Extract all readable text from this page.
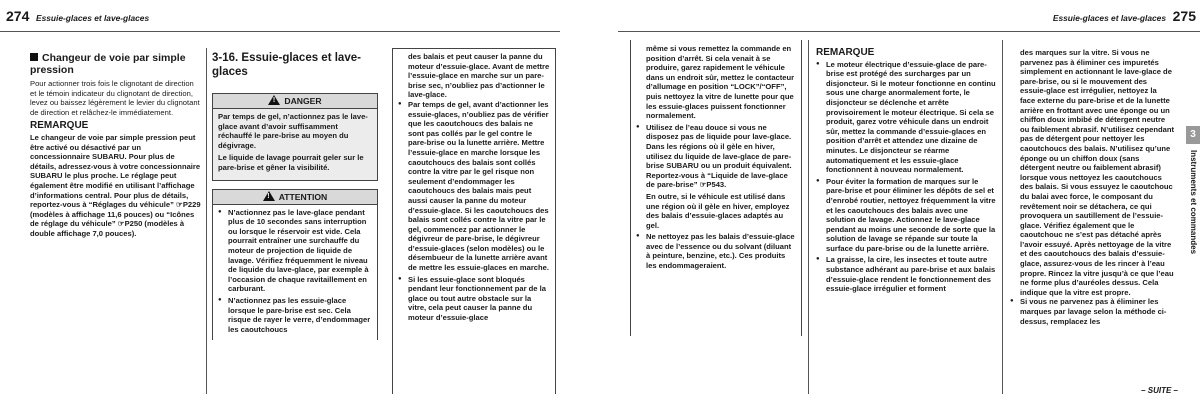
274 Essuie-glaces et lave-glaces
Changeur de voie par simple pression

Pour actionner trois fois le clignotant de direction et le témoin indicateur du clignotant de direction, levez ou baissez légèrement le levier du clignotant de direction et relâchez-le immédiatement.

REMARQUE

Le changeur de voie par simple pression peut être activé ou désactivé par un concessionnaire SUBARU. Pour plus de détails, adressez-vous à votre concessionnaire SUBARU le plus proche. Le réglage peut également être modifié en utilisant l’affichage d’informations central. Pour plus de détails, reportez-vous à “Réglages du véhicule” ☞P229 (modèles à affichage 11,6 pouces) ou “Icônes de réglage du véhicule” ☞P250 (modèles à double affichage 7,0 pouces).

3-16. Essuie-glaces et lave-glaces
!DANGER

Par temps de gel, n’actionnez pas le lave-glace avant d’avoir suffisamment réchauffé le pare-brise au moyen du dégivrage.

Le liquide de lavage pourrait geler sur le pare-brise et gêner la visibilité.

!ATTENTION
● N’actionnez pas le lave-glace pendant plus de 10 secondes sans interruption ou lorsque le réservoir est vide. Cela pourrait entraîner une surchauffe du moteur de projection de liquide de lavage. Vérifiez fréquemment le niveau de liquide du lave-glace, par exemple à l’occasion de chaque ravitaillement en carburant.
● N’actionnez pas les essuie-glace lorsque le pare-brise est sec. Cela risque de rayer le verre, d’endommager les caoutchoucs

des balais et peut causer la panne du moteur d’essuie-glace. Avant de mettre l’essuie-glace en marche sur un pare-brise sec, n’oubliez pas d’actionner le lave-glace.

● Par temps de gel, avant d’actionner les essuie-glaces, n’oubliez pas de vérifier que les caoutchoucs des balais ne sont pas collés par le gel contre le pare-brise ou la lunette arrière. Mettre l’essuie-glace en marche lorsque les caoutchoucs des balais sont collés contre la vitre par le gel risque non seulement d’endommager les caoutchoucs des balais mais peut aussi causer la panne du moteur d’essuie-glace. Si les caoutchoucs des balais sont collés contre la vitre par le gel, commencez par actionner le dégivreur de pare-brise, le dégivreur d’essuie-glaces (selon modèles) ou le désembueur de la lunette arrière avant de mettre les essuie-glaces en marche.
● Si les essuie-glace sont bloqués pendant leur fonctionnement par de la glace ou tout autre obstacle sur la vitre, cela peut causer la panne du moteur d’essuie-glace
Essuie-glaces et lave-glaces 275

même si vous remettez la commande en position d’arrêt. Si cela venait à se produire, garez rapidement le véhicule dans un endroit sûr, mettez le contacteur d’allumage en position “LOCK”/“OFF”, puis nettoyez la vitre de lunette pour que les essuie-glaces puissent fonctionner normalement.

● Utilisez de l’eau douce si vous ne disposez pas de liquide pour lave-glace. Dans les régions où il gèle en hiver, utilisez du liquide de lave-glace de pare-brise SUBARU ou un produit équivalent. Reportez-vous à “Liquide de lave-glace de pare-brise” ☞P543.

En outre, si le véhicule est utilisé dans une région où il gèle en hiver, employez des balais d’essuie-glaces adaptés au gel.

● Ne nettoyez pas les balais d’essuie-glace avec de l’essence ou du solvant (diluant à peinture, benzine, etc.). Ces produits les endommageraient.
REMARQUE
● Le moteur électrique d’essuie-glace de pare-brise est protégé des surcharges par un disjoncteur. Si le moteur fonctionne en continu sous une charge anormalement forte, le disjoncteur se déclenche et arrête provisoirement le moteur électrique. Si cela se produit, garez votre véhicule dans un endroit sûr, mettez la commande d’essuie-glaces en position d’arrêt et attendez une dizaine de minutes. Le disjoncteur se réarme automatiquement et les essuie-glace fonctionnent à nouveau normalement.
● Pour éviter la formation de marques sur le pare-brise et pour éliminer les dépôts de sel et d’enrobé routier, nettoyez fréquemment la vitre et les caoutchoucs des balais avec une solution de lavage. Actionnez le lave-glace pendant au moins une seconde de sorte que la solution de lavage se répande sur toute la surface du pare-brise ou de la lunette arrière.
● La graisse, la cire, les insectes et toute autre substance adhérant au pare-brise et aux balais d’essuie-glace rendent le fonctionnement des essuie-glace irrégulier et forment

des marques sur la vitre. Si vous ne parvenez pas à éliminer ces impuretés simplement en actionnant le lave-glace de pare-brise, ou si le mouvement des essuie-glace est irrégulier, nettoyez la face externe du pare-brise et de la lunette arrière en frottant avec une éponge ou un chiffon doux imbibé de détergent neutre ou faiblement abrasif. N’utilisez cependant pas de détergent pour nettoyer les caoutchoucs des balais. N’utilisez qu’une éponge ou un chiffon doux (sans détergent neutre ou faiblement abrasif) lorsque vous nettoyez les caoutchoucs des balais. Si vous essuyez le caoutchouc du balai avec force, le composant du revêtement noir se détachera, ce qui provoquera un sautillement de l’essuie-glace. Vérifiez également que le caoutchouc ne s’est pas détaché après l’avoir essuyé. Après nettoyage de la vitre et des caoutchoucs des balais d’essuie-glace, assurez-vous de les rincer à l’eau propre. Rincez la vitre jusqu’à ce que l’eau ne forme plus d’auréoles dessus. Cela indique que la vitre est propre.

● Si vous ne parvenez pas à éliminer les marques par lavage selon la méthode ci-dessus, remplacez les
– SUITE –
3
Instruments et commandes
